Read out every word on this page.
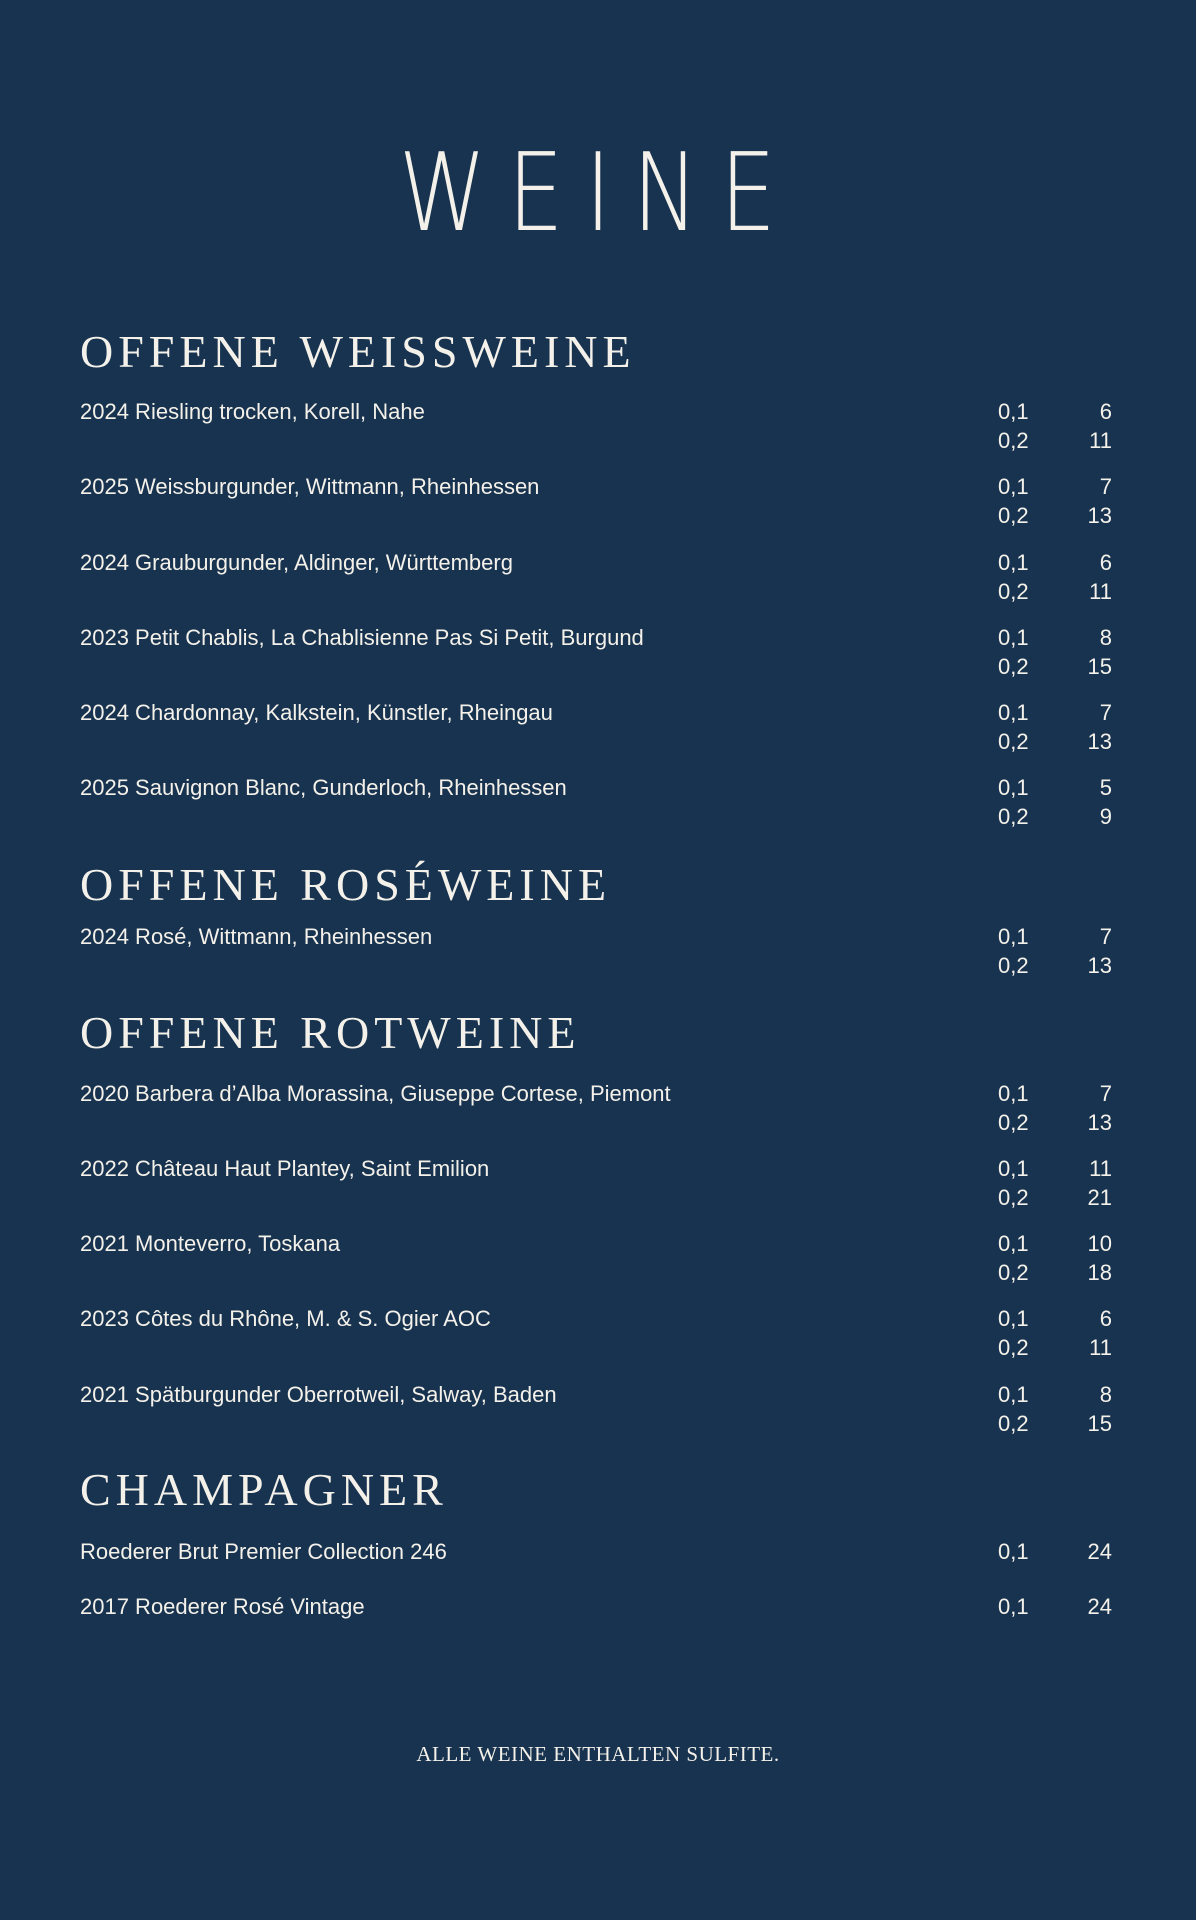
WEINE
OFFENE WEISSWEINE
2024 Riesling trocken, Korell, Nahe	0,1	6
0,2	11
2025 Weissburgunder, Wittmann, Rheinhessen	0,1	7
0,2	13
2024 Grauburgunder, Aldinger, Württemberg	0,1	6
0,2	11
2023 Petit Chablis, La Chablisienne Pas Si Petit, Burgund	0,1	8
0,2	15
2024 Chardonnay, Kalkstein, Künstler, Rheingau	0,1	7
0,2	13
2025 Sauvignon Blanc, Gunderloch, Rheinhessen	0,1	5
0,2	9
OFFENE ROSÉWEINE
2024 Rosé, Wittmann, Rheinhessen	0,1	7
0,2	13
OFFENE ROTWEINE
2020 Barbera d’Alba Morassina, Giuseppe Cortese, Piemont	0,1	7
0,2	13
2022 Château Haut Plantey, Saint Emilion	0,1	11
0,2	21
2021 Monteverro, Toskana	0,1	10
0,2	18
2023 Côtes du Rhône, M. & S. Ogier AOC	0,1	6
0,2	11
2021 Spätburgunder Oberrotweil, Salway, Baden	0,1	8
0,2	15
CHAMPAGNER
Roederer Brut Premier Collection 246	0,1	24
2017 Roederer Rosé Vintage	0,1	24
ALLE WEINE ENTHALTEN SULFITE.
